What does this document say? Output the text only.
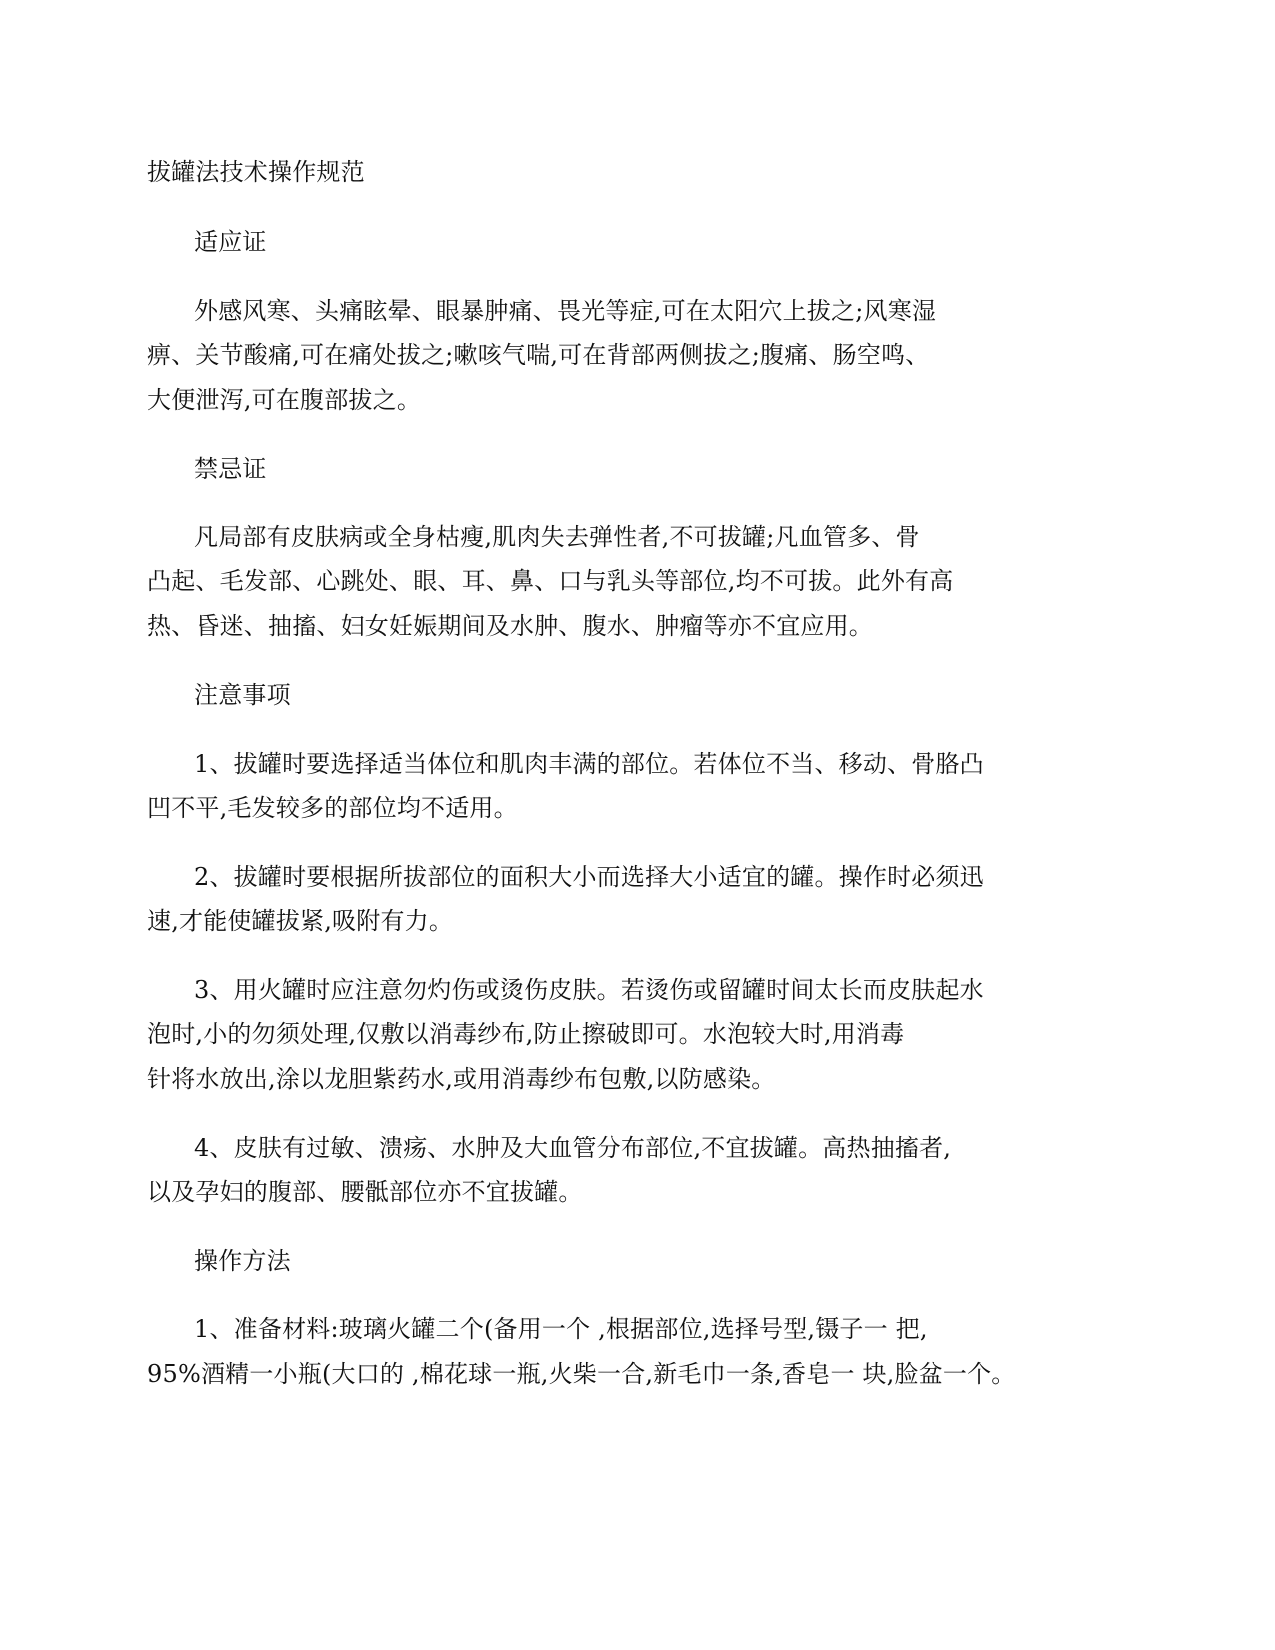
拔罐法技术操作规范
适应证
外感风寒、头痛眩晕、眼暴肿痛、畏光等症,可在太阳穴上拔之;风寒湿
痹、关节酸痛,可在痛处拔之;嗽咳气喘,可在背部两侧拔之;腹痛、肠空鸣、
大便泄泻,可在腹部拔之。
禁忌证
凡局部有皮肤病或全身枯瘦,肌肉失去弹性者,不可拔罐;凡血管多、骨
凸起、毛发部、心跳处、眼、耳、鼻、口与乳头等部位,均不可拔。此外有高
热、昏迷、抽搐、妇女妊娠期间及水肿、腹水、肿瘤等亦不宜应用。
注意事项
1、拔罐时要选择适当体位和肌肉丰满的部位。若体位不当、移动、骨胳凸
凹不平,毛发较多的部位均不适用。
2、拔罐时要根据所拔部位的面积大小而选择大小适宜的罐。操作时必须迅
速,才能使罐拔紧,吸附有力。
3、用火罐时应注意勿灼伤或烫伤皮肤。若烫伤或留罐时间太长而皮肤起水
泡时,小的勿须处理,仅敷以消毒纱布,防止擦破即可。水泡较大时,用消毒
针将水放出,涂以龙胆紫药水,或用消毒纱布包敷,以防感染。
4、皮肤有过敏、溃疡、水肿及大血管分布部位,不宜拔罐。高热抽搐者,
以及孕妇的腹部、腰骶部位亦不宜拔罐。
操作方法
1、准备材料:玻璃火罐二个(备用一个 ,根据部位,选择号型,镊子一 把,
95%酒精一小瓶(大口的 ,棉花球一瓶,火柴一合,新毛巾一条,香皂一 块,脸盆一个。
